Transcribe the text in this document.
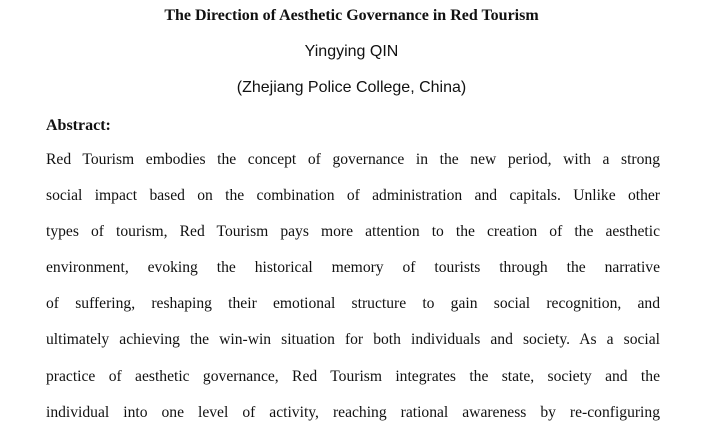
The Direction of Aesthetic Governance in Red Tourism
Yingying QIN
(Zhejiang Police College, China)
Abstract:
Red Tourism embodies the concept of governance in the new period, with a strong
social impact based on the combination of administration and capitals. Unlike other
types of tourism, Red Tourism pays more attention to the creation of the aesthetic
environment, evoking the historical memory of tourists through the narrative
of suffering, reshaping their emotional structure to gain social recognition, and
ultimately achieving the win-win situation for both individuals and society. As a social
practice of aesthetic governance, Red Tourism integrates the state, society and the
individual into one level of activity, reaching rational awareness by re-configuring
